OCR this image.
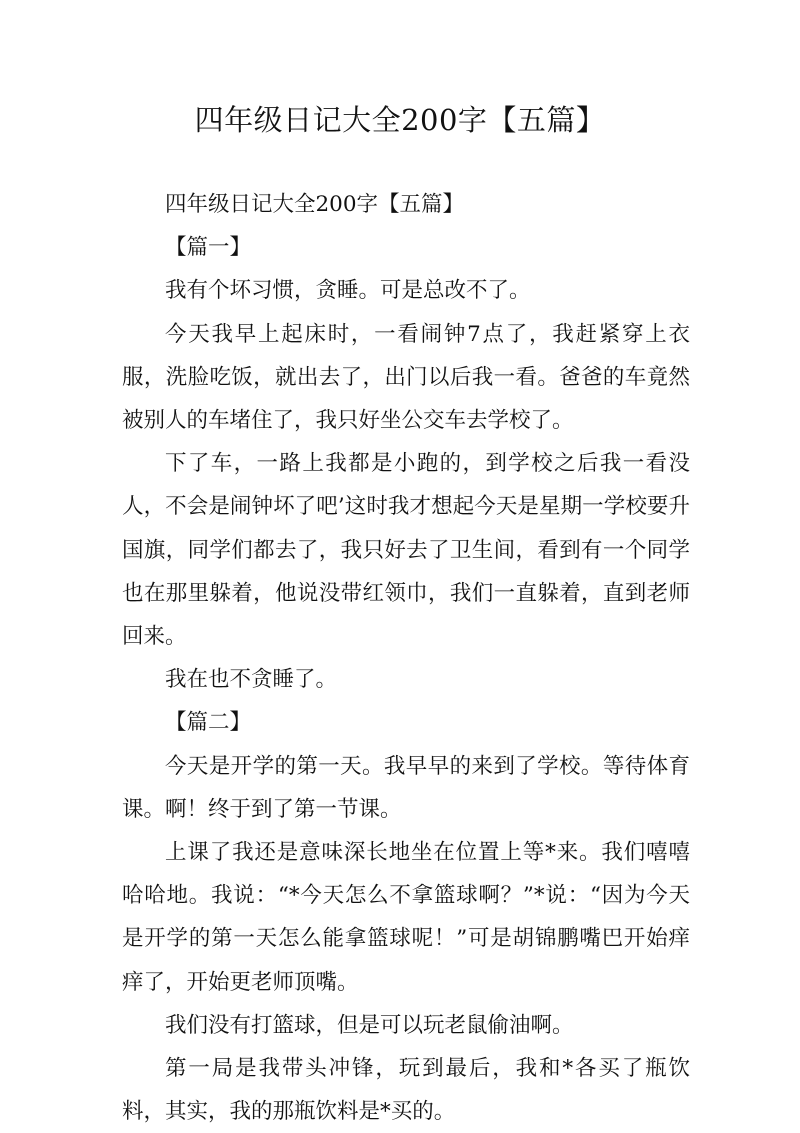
四年级日记大全200字【五篇】

四年级日记大全200字【五篇】

【篇一】

我有个坏习惯，贪睡。可是总改不了。

今天我早上起床时，一看闹钟7点了，我赶紧穿上衣服，洗脸吃饭，就出去了，出门以后我一看。爸爸的车竟然被别人的车堵住了，我只好坐公交车去学校了。

下了车，一路上我都是小跑的，到学校之后我一看没人，不会是闹钟坏了吧’这时我才想起今天是星期一学校要升国旗，同学们都去了，我只好去了卫生间，看到有一个同学也在那里躲着，他说没带红领巾，我们一直躲着，直到老师回来。

我在也不贪睡了。

【篇二】

今天是开学的第一天。我早早的来到了学校。等待体育课。啊！终于到了第一节课。

上课了我还是意味深长地坐在位置上等*来。我们嘻嘻哈哈地。我说：“*今天怎么不拿篮球啊？”*说：“因为今天是开学的第一天怎么能拿篮球呢！”可是胡锦鹏嘴巴开始痒痒了，开始更老师顶嘴。

我们没有打篮球，但是可以玩老鼠偷油啊。

第一局是我带头冲锋，玩到最后，我和*各买了瓶饮料，其实，我的那瓶饮料是*买的。
